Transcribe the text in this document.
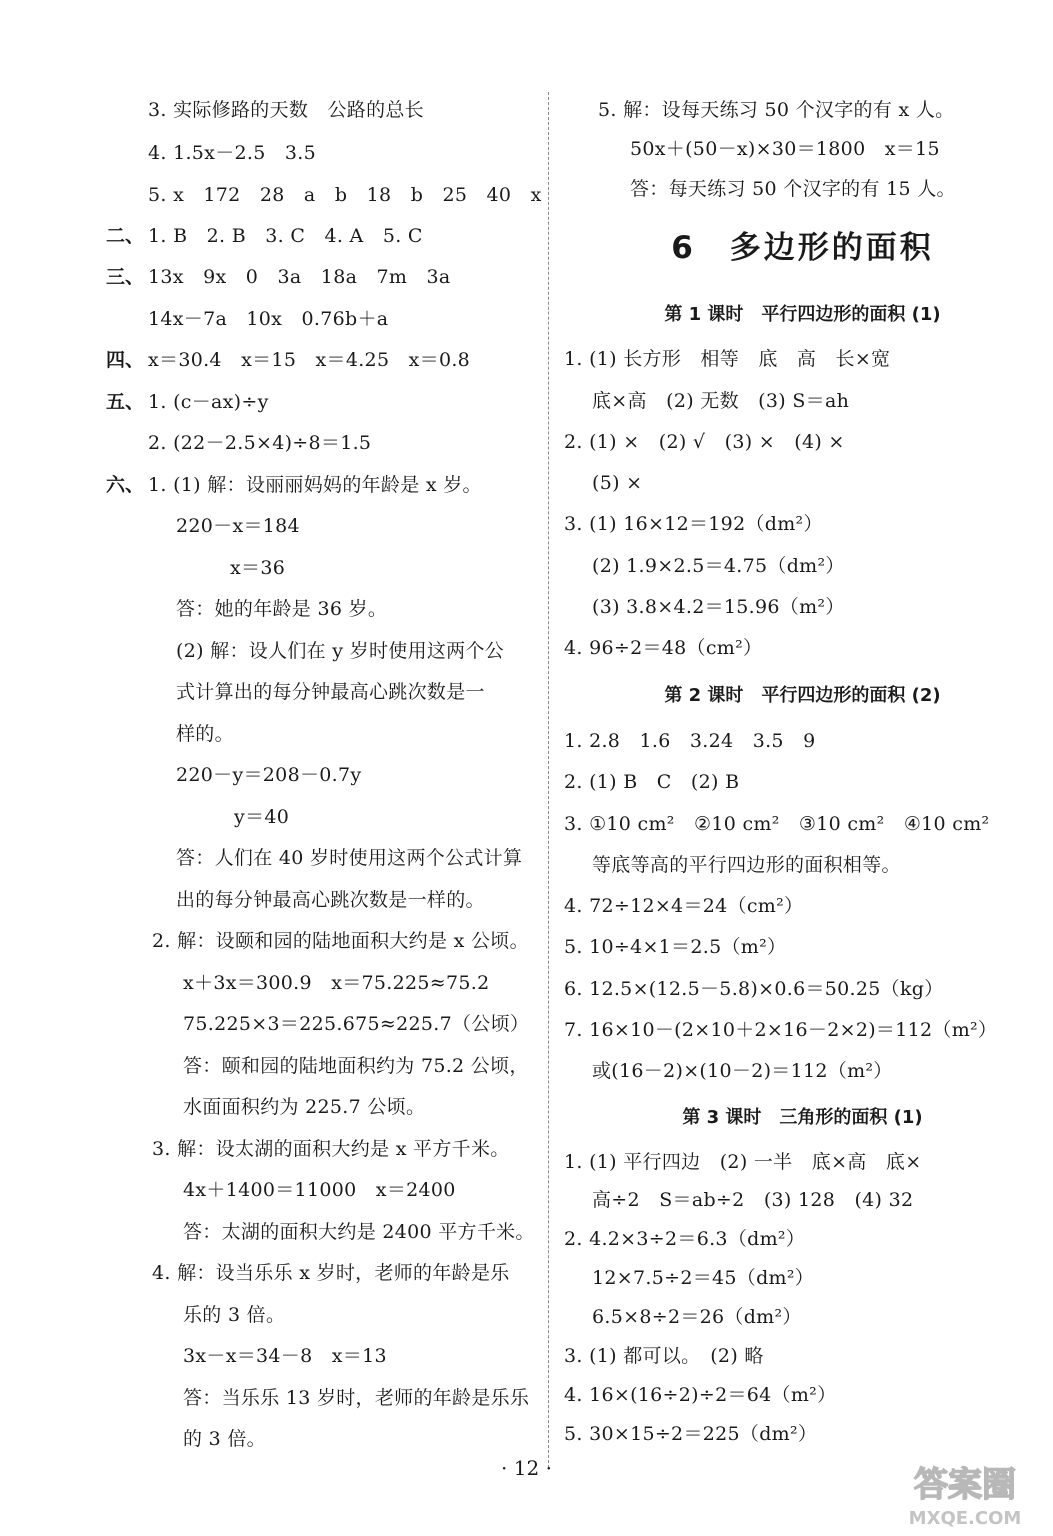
3. 实际修路的天数　公路的总长
4. 1.5x－2.5　3.5
5. x　172　28　a　b　18　b　25　40　x
二、 1. B　2. B　3. C　4. A　5. C
三、 13x　9x　0　3a　18a　7m　3a
14x－7a　10x　0.76b＋a
四、 x＝30.4　x＝15　x＝4.25　x＝0.8
五、 1. (c－ax)÷y
2. (22－2.5×4)÷8＝1.5
六、 1. (1) 解：设丽丽妈妈的年龄是 x 岁。
220－x＝184
x＝36
答：她的年龄是 36 岁。
(2) 解：设人们在 y 岁时使用这两个公
式计算出的每分钟最高心跳次数是一
样的。
220－y＝208－0.7y
y＝40
答：人们在 40 岁时使用这两个公式计算
出的每分钟最高心跳次数是一样的。
2. 解：设颐和园的陆地面积大约是 x 公顷。
x＋3x＝300.9　x＝75.225≈75.2
75.225×3＝225.675≈225.7（公顷）
答：颐和园的陆地面积约为 75.2 公顷，
水面面积约为 225.7 公顷。
3. 解：设太湖的面积大约是 x 平方千米。
4x＋1400＝11000　x＝2400
答：太湖的面积大约是 2400 平方千米。
4. 解：设当乐乐 x 岁时，老师的年龄是乐
乐的 3 倍。
3x－x＝34－8　x＝13
答：当乐乐 13 岁时，老师的年龄是乐乐
的 3 倍。
5. 解：设每天练习 50 个汉字的有 x 人。
50x＋(50－x)×30＝1800　x＝15
答：每天练习 50 个汉字的有 15 人。
6　多边形的面积
第 1 课时　平行四边形的面积 (1)
1. (1) 长方形　相等　底　高　长×宽
底×高　(2) 无数　(3) S＝ah
2. (1) ×　(2) √　(3) ×　(4) ×
(5) ×
3. (1) 16×12＝192（dm²）
(2) 1.9×2.5＝4.75（dm²）
(3) 3.8×4.2＝15.96（m²）
4. 96÷2＝48（cm²）
第 2 课时　平行四边形的面积 (2)
1. 2.8　1.6　3.24　3.5　9
2. (1) B　C　(2) B
3. ①10 cm²　②10 cm²　③10 cm²　④10 cm²
等底等高的平行四边形的面积相等。
4. 72÷12×4＝24（cm²）
5. 10÷4×1＝2.5（m²）
6. 12.5×(12.5－5.8)×0.6＝50.25（kg）
7. 16×10－(2×10＋2×16－2×2)＝112（m²）
或(16－2)×(10－2)＝112（m²）
第 3 课时　三角形的面积 (1)
1. (1) 平行四边　(2) 一半　底×高　底×
高÷2　S＝ab÷2　(3) 128　(4) 32
2. 4.2×3÷2＝6.3（dm²）
12×7.5÷2＝45（dm²）
6.5×8÷2＝26（dm²）
3. (1) 都可以。　(2) 略
4. 16×(16÷2)÷2＝64（m²）
5. 30×15÷2＝225（dm²）
· 12 ·	答案圈
MXQE.COM
